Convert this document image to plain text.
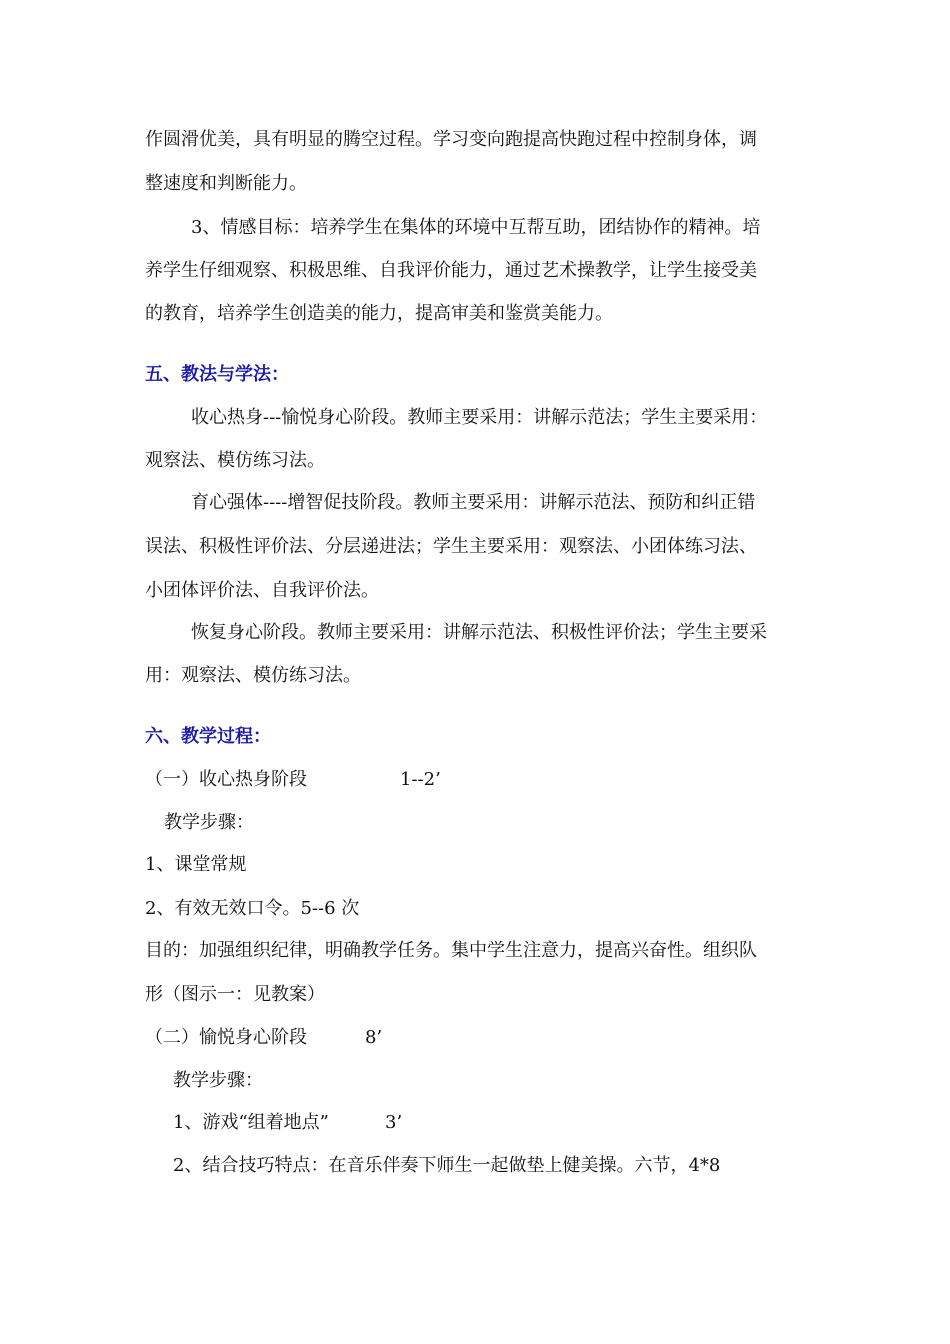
作圆滑优美，具有明显的腾空过程。学习变向跑提高快跑过程中控制身体，调
整速度和判断能力。
3、情感目标：培养学生在集体的环境中互帮互助，团结协作的精神。培
养学生仔细观察、积极思维、自我评价能力，通过艺术操教学，让学生接受美
的教育，培养学生创造美的能力，提高审美和鉴赏美能力。
五、教法与学法：
收心热身---愉悦身心阶段。教师主要采用：讲解示范法；学生主要采用：
观察法、模仿练习法。
育心强体----增智促技阶段。教师主要采用：讲解示范法、预防和纠正错
误法、积极性评价法、分层递进法；学生主要采用：观察法、小团体练习法、
小团体评价法、自我评价法。
恢复身心阶段。教师主要采用：讲解示范法、积极性评价法；学生主要采
用：观察法、模仿练习法。
六、教学过程：
（一）收心热身阶段	1--2’
教学步骤：
1、课堂常规
2、有效无效口令。5--6 次
目的：加强组织纪律，明确教学任务。集中学生注意力，提高兴奋性。组织队
形（图示一：见教案）
（二）愉悦身心阶段	8’
教学步骤：
1、游戏“组着地点”	3’
2、结合技巧特点：在音乐伴奏下师生一起做垫上健美操。六节，4*8
